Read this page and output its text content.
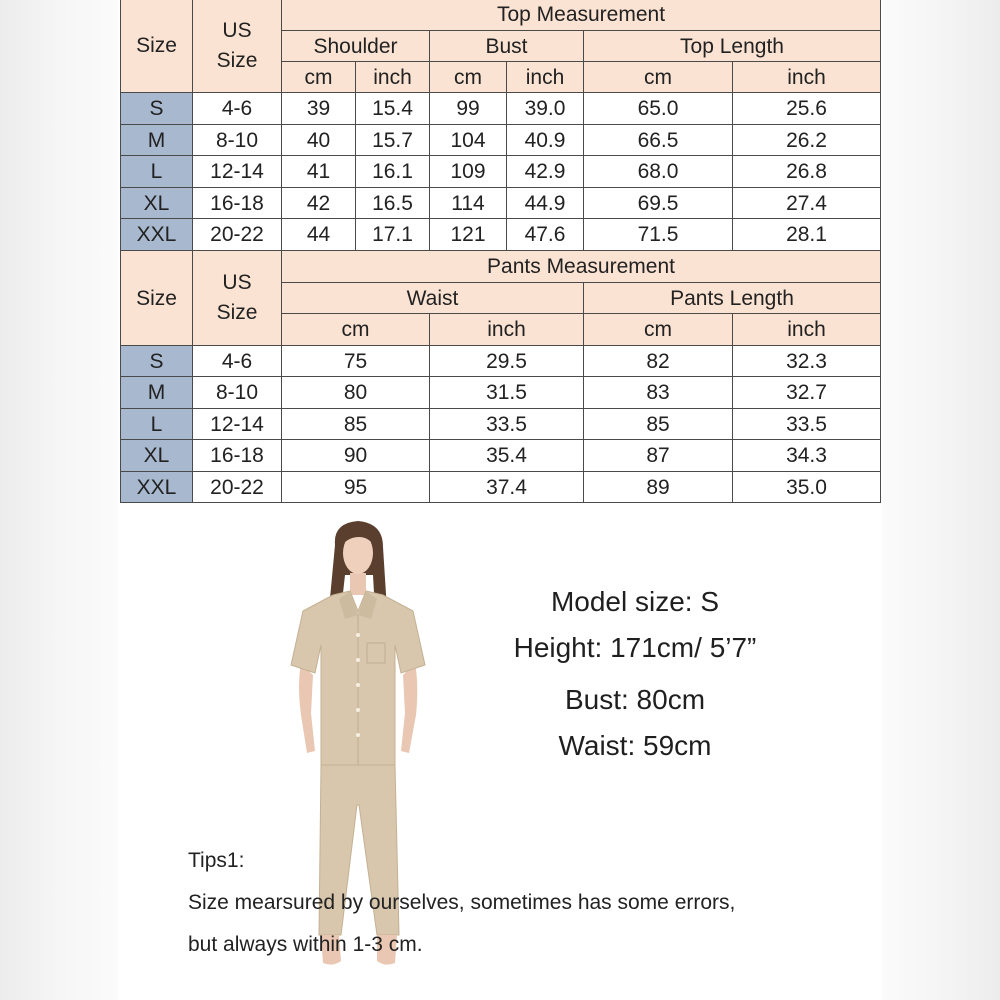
Size	US Size	Top Measurement					
		Shoulder		Bust		Top Length	
		cm	inch	cm	inch	cm	inch
S	4-6	39	15.4	99	39.0	65.0	25.6
M	8-10	40	15.7	104	40.9	66.5	26.2
L	12-14	41	16.1	109	42.9	68.0	26.8
XL	16-18	42	16.5	114	44.9	69.5	27.4
XXL	20-22	44	17.1	121	47.6	71.5	28.1
Size	US Size	Pants Measurement			
		Waist		Pants Length	
		cm	inch	cm	inch
S	4-6	75	29.5	82	32.3
M	8-10	80	31.5	83	32.7
L	12-14	85	33.5	85	33.5
XL	16-18	90	35.4	87	34.3
XXL	20-22	95	37.4	89	35.0
Model size: S
Height: 171cm/ 5’7”
Bust: 80cm
Waist: 59cm
Tips1:
Size mearsured by ourselves, sometimes has some errors,
but always within 1-3 cm.
